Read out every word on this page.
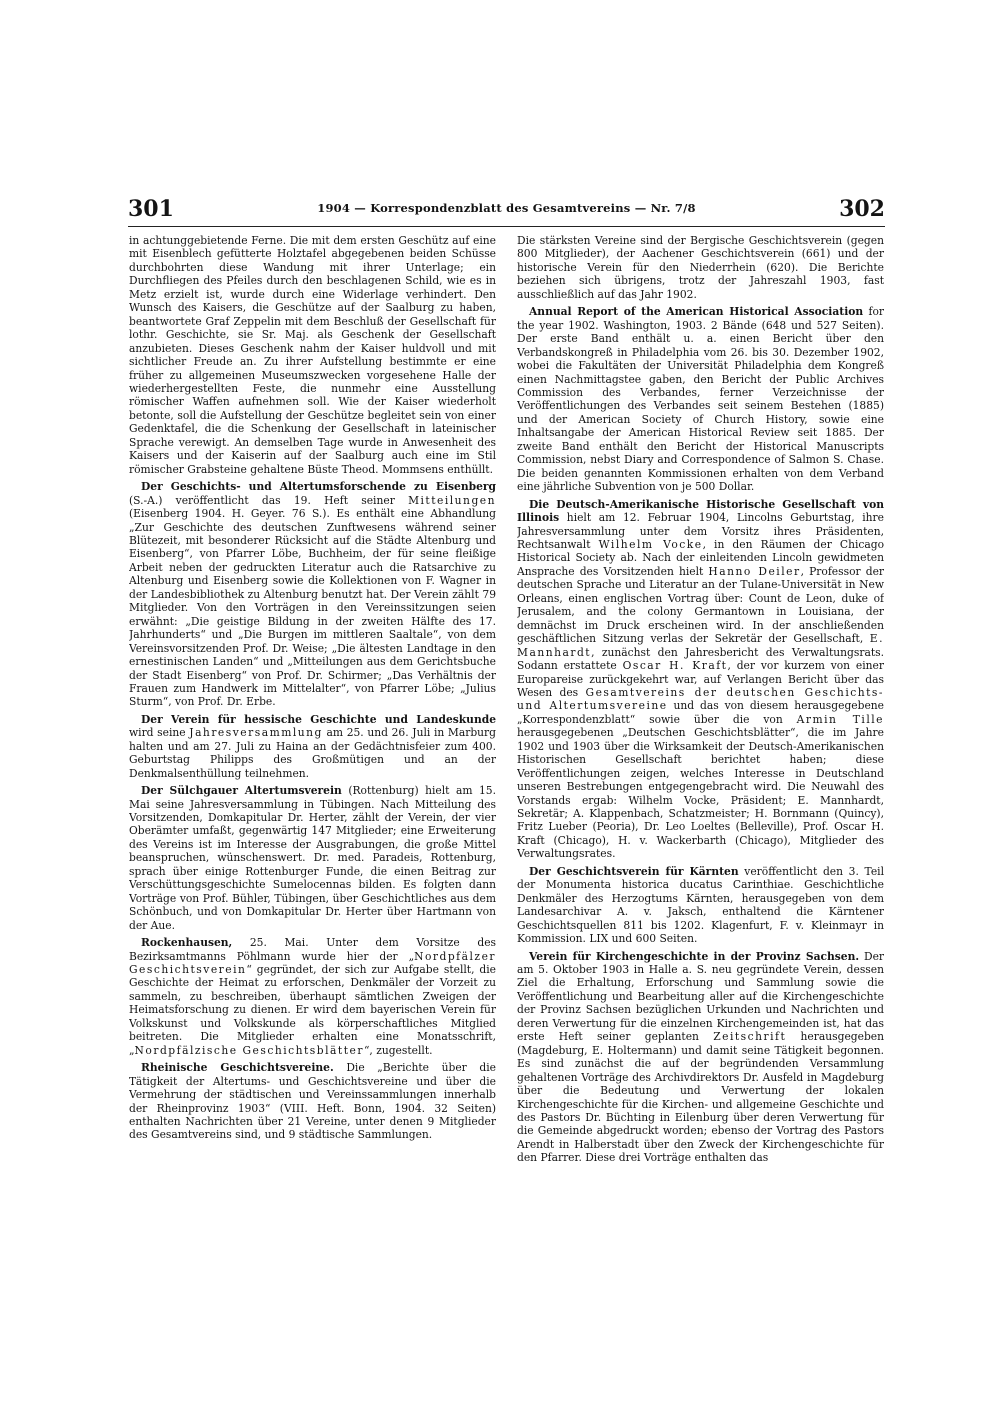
301	1904 — Korrespondenzblatt des Gesamtvereins — Nr. 7/8	302

in achtunggebietende Ferne. Die mit dem ersten Geschütz auf eine mit Eisenblech gefütterte Holztafel abgegebenen beiden Schüsse durchbohrten diese Wandung mit ihrer Unterlage; ein Durchfliegen des Pfeiles durch den beschlagenen Schild, wie es in Metz erzielt ist, wurde durch eine Widerlage verhindert. Den Wunsch des Kaisers, die Geschütze auf der Saalburg zu haben, beantwortete Graf Zeppelin mit dem Beschluß der Gesellschaft für lothr. Geschichte, sie Sr. Maj. als Geschenk der Gesellschaft anzubieten. Dieses Geschenk nahm der Kaiser huldvoll und mit sichtlicher Freude an. Zu ihrer Aufstellung bestimmte er eine früher zu allgemeinen Museumszwecken vorgesehene Halle der wiederhergestellten Feste, die nunmehr eine Ausstellung römischer Waffen aufnehmen soll. Wie der Kaiser wiederholt betonte, soll die Aufstellung der Geschütze begleitet sein von einer Gedenktafel, die die Schenkung der Gesellschaft in lateinischer Sprache verewigt. An demselben Tage wurde in Anwesenheit des Kaisers und der Kaiserin auf der Saalburg auch eine im Stil römischer Grabsteine gehaltene Büste Theod. Mommsens enthüllt.

Der Geschichts- und Altertumsforschende zu Eisenberg (S.-A.) veröffentlicht das 19. Heft seiner Mitteilungen (Eisenberg 1904. H. Geyer. 76 S.). Es enthält eine Abhandlung „Zur Geschichte des deutschen Zunftwesens während seiner Blütezeit, mit besonderer Rücksicht auf die Städte Altenburg und Eisenberg“, von Pfarrer Löbe, Buchheim, der für seine fleißige Arbeit neben der gedruckten Literatur auch die Ratsarchive zu Altenburg und Eisenberg sowie die Kollektionen von F. Wagner in der Landesbibliothek zu Altenburg benutzt hat. Der Verein zählt 79 Mitglieder. Von den Vorträgen in den Vereinssitzungen seien erwähnt: „Die geistige Bildung in der zweiten Hälfte des 17. Jahrhunderts“ und „Die Burgen im mittleren Saaltale“, von dem Vereinsvorsitzenden Prof. Dr. Weise; „Die ältesten Landtage in den ernestinischen Landen“ und „Mitteilungen aus dem Gerichtsbuche der Stadt Eisenberg“ von Prof. Dr. Schirmer; „Das Verhältnis der Frauen zum Handwerk im Mittelalter“, von Pfarrer Löbe; „Julius Sturm“, von Prof. Dr. Erbe.

Der Verein für hessische Geschichte und Landeskunde wird seine Jahresversammlung am 25. und 26. Juli in Marburg halten und am 27. Juli zu Haina an der Gedächtnisfeier zum 400. Geburtstag Philipps des Großmütigen und an der Denkmalsenthüllung teilnehmen.

Der Sülchgauer Altertumsverein (Rottenburg) hielt am 15. Mai seine Jahresversammlung in Tübingen. Nach Mitteilung des Vorsitzenden, Domkapitular Dr. Herter, zählt der Verein, der vier Oberämter umfaßt, gegenwärtig 147 Mitglieder; eine Erweiterung des Vereins ist im Interesse der Ausgrabungen, die große Mittel beanspruchen, wünschenswert. Dr. med. Paradeis, Rottenburg, sprach über einige Rottenburger Funde, die einen Beitrag zur Verschüttungsgeschichte Sumelocennas bilden. Es folgten dann Vorträge von Prof. Bühler, Tübingen, über Geschichtliches aus dem Schönbuch, und von Domkapitular Dr. Herter über Hartmann von der Aue.

Rockenhausen, 25. Mai. Unter dem Vorsitze des Bezirksamtmanns Pöhlmann wurde hier der „Nordpfälzer Geschichtsverein“ gegründet, der sich zur Aufgabe stellt, die Geschichte der Heimat zu erforschen, Denkmäler der Vorzeit zu sammeln, zu beschreiben, überhaupt sämtlichen Zweigen der Heimatsforschung zu dienen. Er wird dem bayerischen Verein für Volkskunst und Volkskunde als körperschaftliches Mitglied beitreten. Die Mitglieder erhalten eine Monatsschrift, „Nordpfälzische Geschichtsblätter“, zugestellt.

Rheinische Geschichtsvereine. Die „Berichte über die Tätigkeit der Altertums- und Geschichtsvereine und über die Vermehrung der städtischen und Vereinssammlungen innerhalb der Rheinprovinz 1903“ (VIII. Heft. Bonn, 1904. 32 Seiten) enthalten Nachrichten über 21 Vereine, unter denen 9 Mitglieder des Gesamtvereins sind, und 9 städtische Sammlungen.

Die stärksten Vereine sind der Bergische Geschichtsverein (gegen 800 Mitglieder), der Aachener Geschichtsverein (661) und der historische Verein für den Niederrhein (620). Die Berichte beziehen sich übrigens, trotz der Jahreszahl 1903, fast ausschließlich auf das Jahr 1902.

Annual Report of the American Historical Association for the year 1902. Washington, 1903. 2 Bände (648 und 527 Seiten). Der erste Band enthält u. a. einen Bericht über den Verbandskongreß in Philadelphia vom 26. bis 30. Dezember 1902, wobei die Fakultäten der Universität Philadelphia dem Kongreß einen Nachmittagstee gaben, den Bericht der Public Archives Commission des Verbandes, ferner Verzeichnisse der Veröffentlichungen des Verbandes seit seinem Bestehen (1885) und der American Society of Church History, sowie eine Inhaltsangabe der American Historical Review seit 1885. Der zweite Band enthält den Bericht der Historical Manuscripts Commission, nebst Diary and Correspondence of Salmon S. Chase. Die beiden genannten Kommissionen erhalten von dem Verband eine jährliche Subvention von je 500 Dollar.

Die Deutsch-Amerikanische Historische Gesellschaft von Illinois hielt am 12. Februar 1904, Lincolns Geburtstag, ihre Jahresversammlung unter dem Vorsitz ihres Präsidenten, Rechtsanwalt Wilhelm Vocke, in den Räumen der Chicago Historical Society ab. Nach der einleitenden Lincoln gewidmeten Ansprache des Vorsitzenden hielt Hanno Deiler, Professor der deutschen Sprache und Literatur an der Tulane-Universität in New Orleans, einen englischen Vortrag über: Count de Leon, duke of Jerusalem, and the colony Germantown in Louisiana, der demnächst im Druck erscheinen wird. In der anschließenden geschäftlichen Sitzung verlas der Sekretär der Gesellschaft, E. Mannhardt, zunächst den Jahresbericht des Verwaltungsrats. Sodann erstattete Oscar H. Kraft, der vor kurzem von einer Europareise zurückgekehrt war, auf Verlangen Bericht über das Wesen des Gesamtvereins der deutschen Geschichts- und Altertumsvereine und das von diesem herausgegebene „Korrespondenzblatt“ sowie über die von Armin Tille herausgegebenen „Deutschen Geschichtsblätter“, die im Jahre 1902 und 1903 über die Wirksamkeit der Deutsch-Amerikanischen Historischen Gesellschaft berichtet haben; diese Veröffentlichungen zeigen, welches Interesse in Deutschland unseren Bestrebungen entgegengebracht wird. Die Neuwahl des Vorstands ergab: Wilhelm Vocke, Präsident; E. Mannhardt, Sekretär; A. Klappenbach, Schatzmeister; H. Bornmann (Quincy), Fritz Lueber (Peoria), Dr. Leo Loeltes (Belleville), Prof. Oscar H. Kraft (Chicago), H. v. Wackerbarth (Chicago), Mitglieder des Verwaltungsrates.

Der Geschichtsverein für Kärnten veröffentlicht den 3. Teil der Monumenta historica ducatus Carinthiae. Geschichtliche Denkmäler des Herzogtums Kärnten, herausgegeben von dem Landesarchivar A. v. Jaksch, enthaltend die Kärntener Geschichtsquellen 811 bis 1202. Klagenfurt, F. v. Kleinmayr in Kommission. LIX und 600 Seiten.

Verein für Kirchengeschichte in der Provinz Sachsen. Der am 5. Oktober 1903 in Halle a. S. neu gegründete Verein, dessen Ziel die Erhaltung, Erforschung und Sammlung sowie die Veröffentlichung und Bearbeitung aller auf die Kirchengeschichte der Provinz Sachsen bezüglichen Urkunden und Nachrichten und deren Verwertung für die einzelnen Kirchengemeinden ist, hat das erste Heft seiner geplanten Zeitschrift herausgegeben (Magdeburg, E. Holtermann) und damit seine Tätigkeit begonnen. Es sind zunächst die auf der begründenden Versammlung gehaltenen Vorträge des Archivdirektors Dr. Ausfeld in Magdeburg über die Bedeutung und Verwertung der lokalen Kirchengeschichte für die Kirchen- und allgemeine Geschichte und des Pastors Dr. Büchting in Eilenburg über deren Verwertung für die Gemeinde abgedruckt worden; ebenso der Vortrag des Pastors Arendt in Halberstadt über den Zweck der Kirchengeschichte für den Pfarrer. Diese drei Vorträge enthalten das
